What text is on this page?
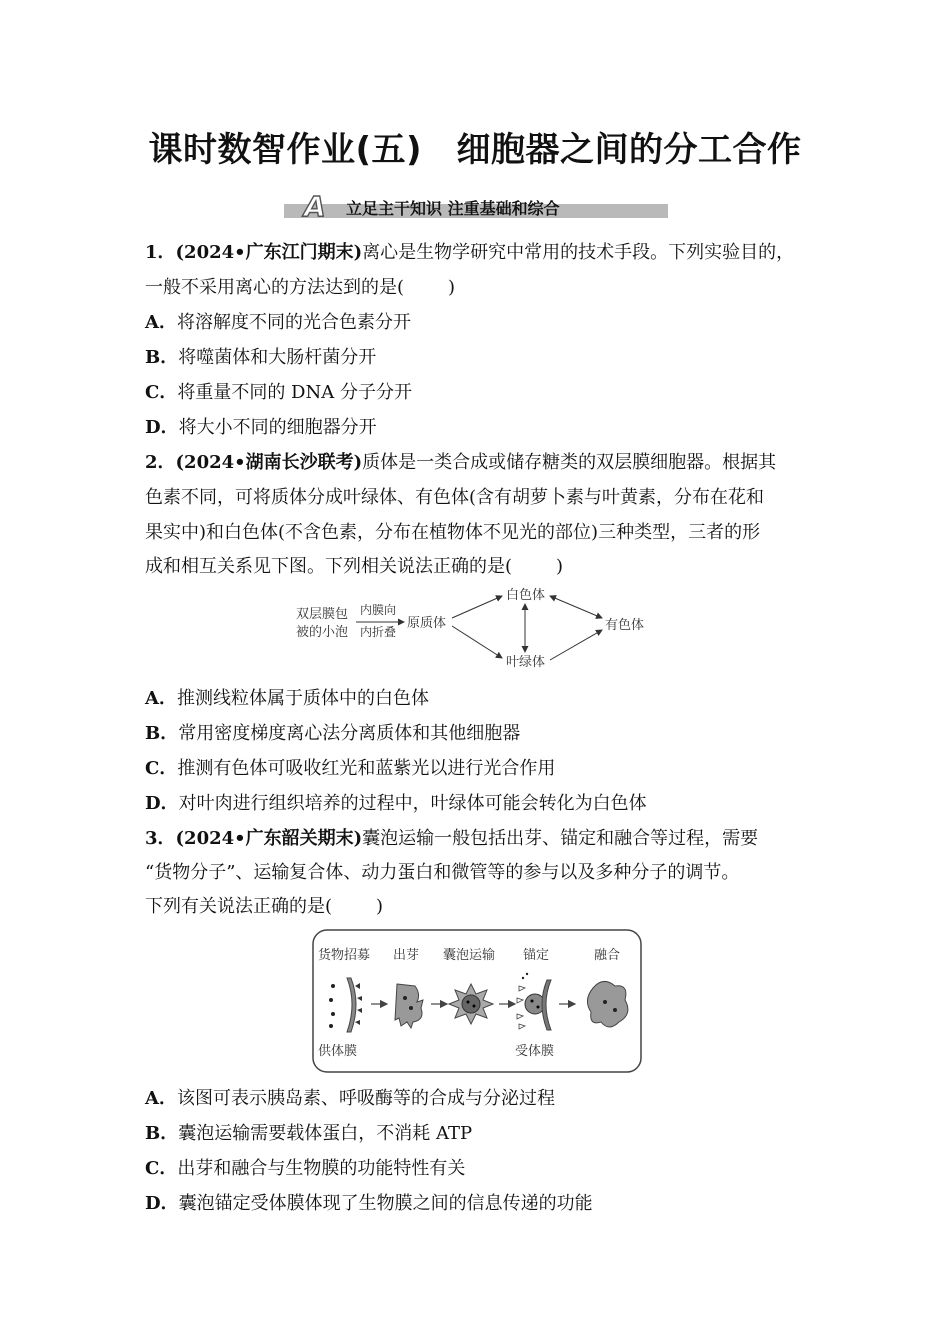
课时数智作业(五)　细胞器之间的分工合作
A 立足主干知识 注重基础和综合
1．(2024•广东江门期末)离心是生物学研究中常用的技术手段。下列实验目的，
一般不采用离心的方法达到的是( )
A．将溶解度不同的光合色素分开
B．将噬菌体和大肠杆菌分开
C．将重量不同的 DNA 分子分开
D．将大小不同的细胞器分开
2．(2024•湖南长沙联考)质体是一类合成或储存糖类的双层膜细胞器。根据其
色素不同，可将质体分成叶绿体、有色体(含有胡萝卜素与叶黄素，分布在花和
果实中)和白色体(不含色素，分布在植物体不见光的部位)三种类型，三者的形
成和相互关系见下图。下列相关说法正确的是( )
双层膜包
被的小泡
内膜向
内折叠
原质体
白色体
叶绿体
有色体
A．推测线粒体属于质体中的白色体
B．常用密度梯度离心法分离质体和其他细胞器
C．推测有色体可吸收红光和蓝紫光以进行光合作用
D．对叶肉进行组织培养的过程中，叶绿体可能会转化为白色体
3．(2024•广东韶关期末)囊泡运输一般包括出芽、锚定和融合等过程，需要
“货物分子”、运输复合体、动力蛋白和微管等的参与以及多种分子的调节。
下列有关说法正确的是( )
货物招募 出芽 囊泡运输 锚定	融合
供体膜	受体膜
A．该图可表示胰岛素、呼吸酶等的合成与分泌过程
B．囊泡运输需要载体蛋白，不消耗 ATP
C．出芽和融合与生物膜的功能特性有关
D．囊泡锚定受体膜体现了生物膜之间的信息传递的功能
